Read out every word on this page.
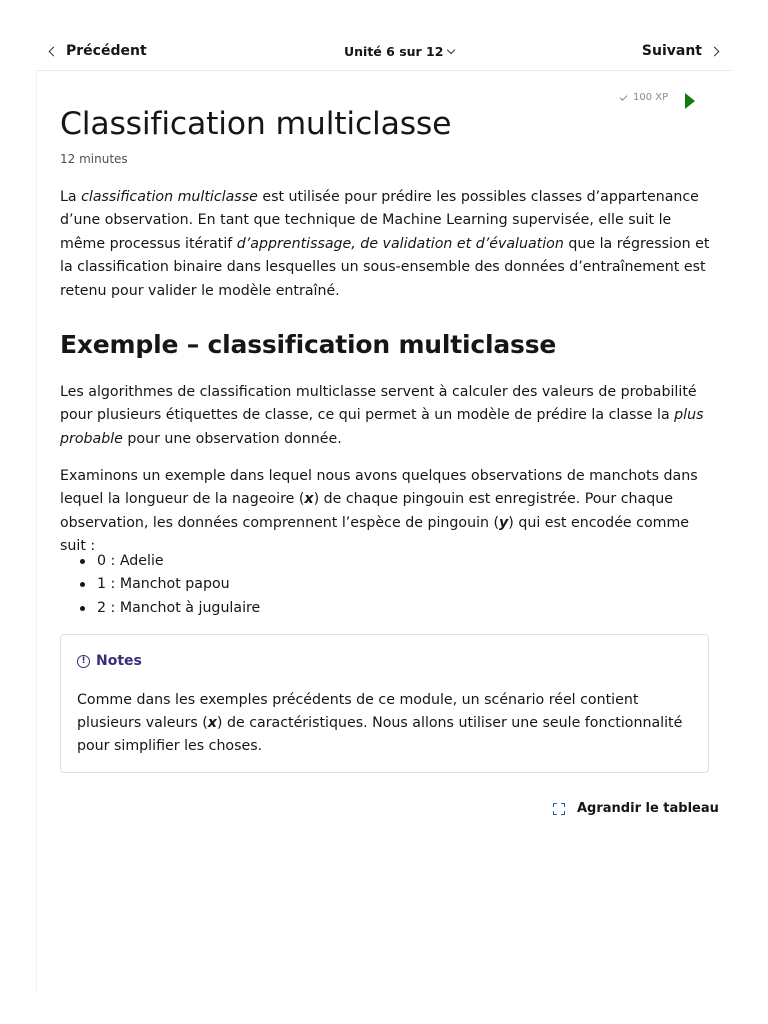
Précédent	Unité 6 sur 12	Suivant
100 XP
Classification multiclasse
12 minutes

La classification multiclasse est utilisée pour prédire les possibles classes d’appartenance d’une observation. En tant que technique de Machine Learning supervisée, elle suit le même processus itératif d’apprentissage, de validation et d’évaluation que la régression et la classification binaire dans lesquelles un sous-ensemble des données d’entraînement est retenu pour valider le modèle entraîné.

Exemple – classification multiclasse

Les algorithmes de classification multiclasse servent à calculer des valeurs de probabilité pour plusieurs étiquettes de classe, ce qui permet à un modèle de prédire la classe la plus probable pour une observation donnée.

Examinons un exemple dans lequel nous avons quelques observations de manchots dans lequel la longueur de la nageoire (x) de chaque pingouin est enregistrée. Pour chaque observation, les données comprennent l’espèce de pingouin (y) qui est encodée comme suit :

0 : Adelie
1 : Manchot papou
2 : Manchot à jugulaire
! Notes

Comme dans les exemples précédents de ce module, un scénario réel contient plusieurs valeurs (x) de caractéristiques. Nous allons utiliser une seule fonctionnalité pour simplifier les choses.

Agrandir le tableau
